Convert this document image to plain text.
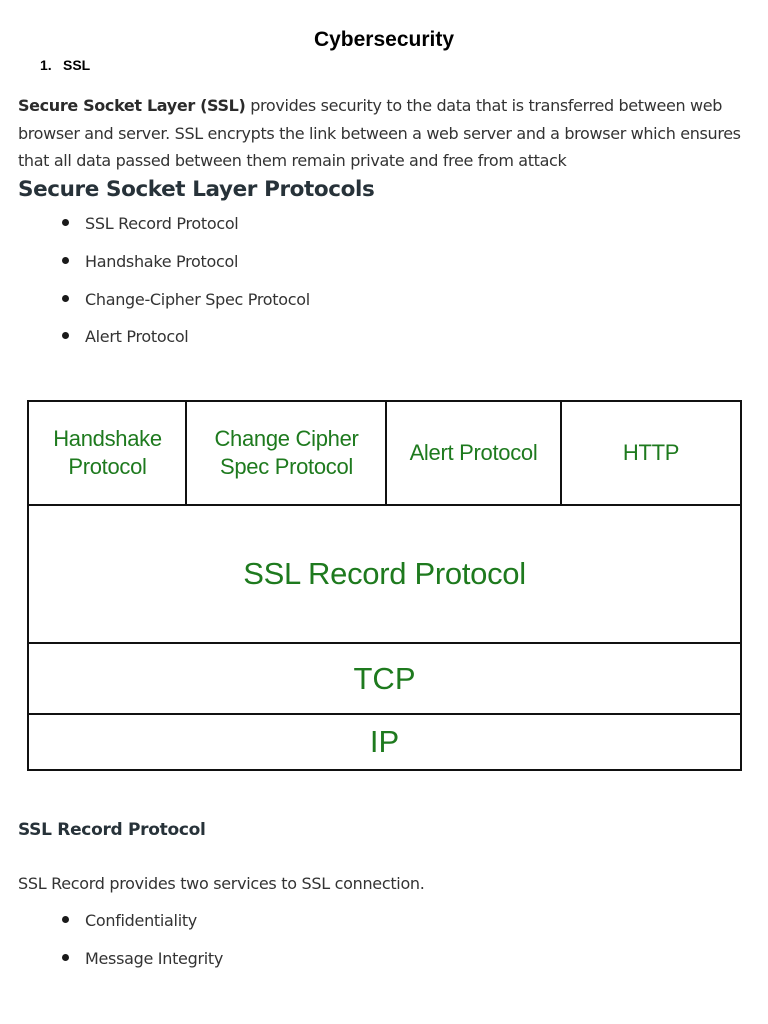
Cybersecurity
1. SSL
Secure Socket Layer (SSL) provides security to the data that is transferred between web browser and server. SSL encrypts the link between a web server and a browser which ensures that all data passed between them remain private and free from attack
Secure Socket Layer Protocols
SSL Record Protocol
Handshake Protocol
Change-Cipher Spec Protocol
Alert Protocol
Handshake
Protocol
Change Cipher
Spec Protocol
Alert Protocol	HTTP
SSL Record Protocol
TCP
IP
SSL Record Protocol
SSL Record provides two services to SSL connection.
Confidentiality
Message Integrity
